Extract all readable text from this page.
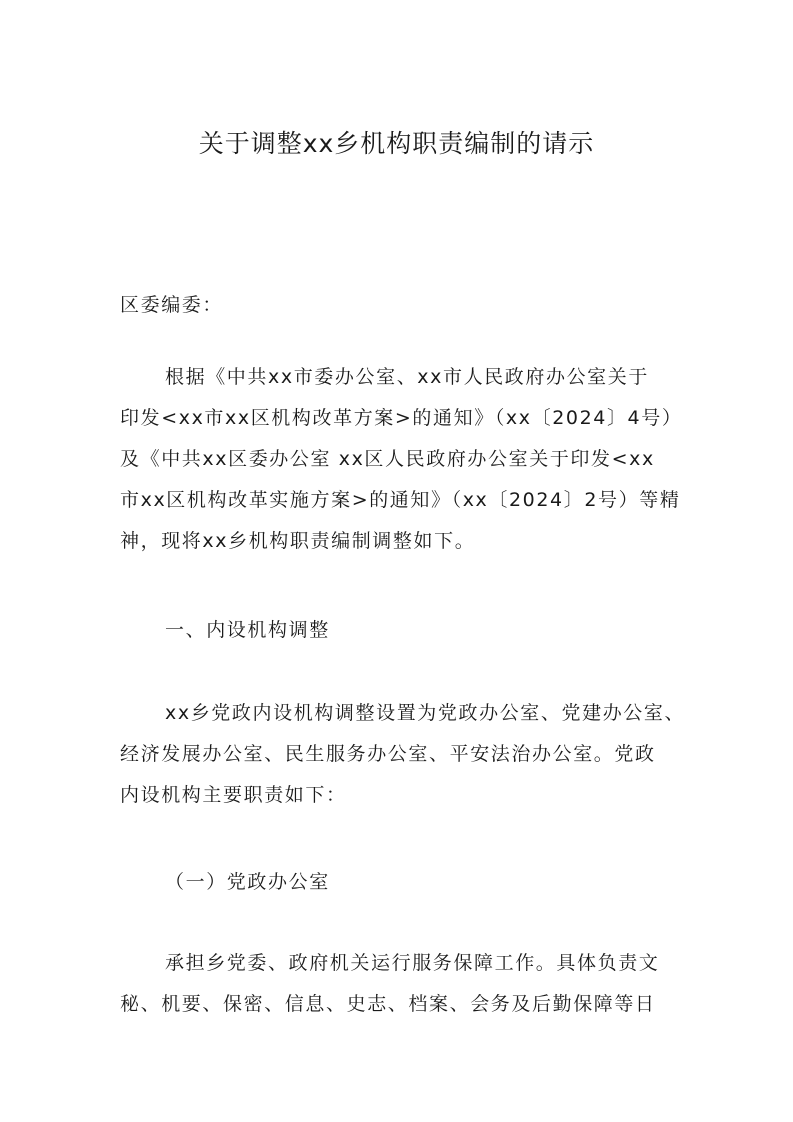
关于调整xx乡机构职责编制的请示

区委编委：

根据《中共xx市委办公室、xx市人民政府办公室关于
印发<xx市xx区机构改革方案>的通知》（xx〔2024〕4号）
及《中共xx区委办公室 xx区人民政府办公室关于印发<xx
市xx区机构改革实施方案>的通知》（xx〔2024〕2号）等精
神，现将xx乡机构职责编制调整如下。

一、内设机构调整

xx乡党政内设机构调整设置为党政办公室、党建办公室、
经济发展办公室、民生服务办公室、平安法治办公室。党政
内设机构主要职责如下：

（一）党政办公室

承担乡党委、政府机关运行服务保障工作。具体负责文
秘、机要、保密、信息、史志、档案、会务及后勤保障等日
